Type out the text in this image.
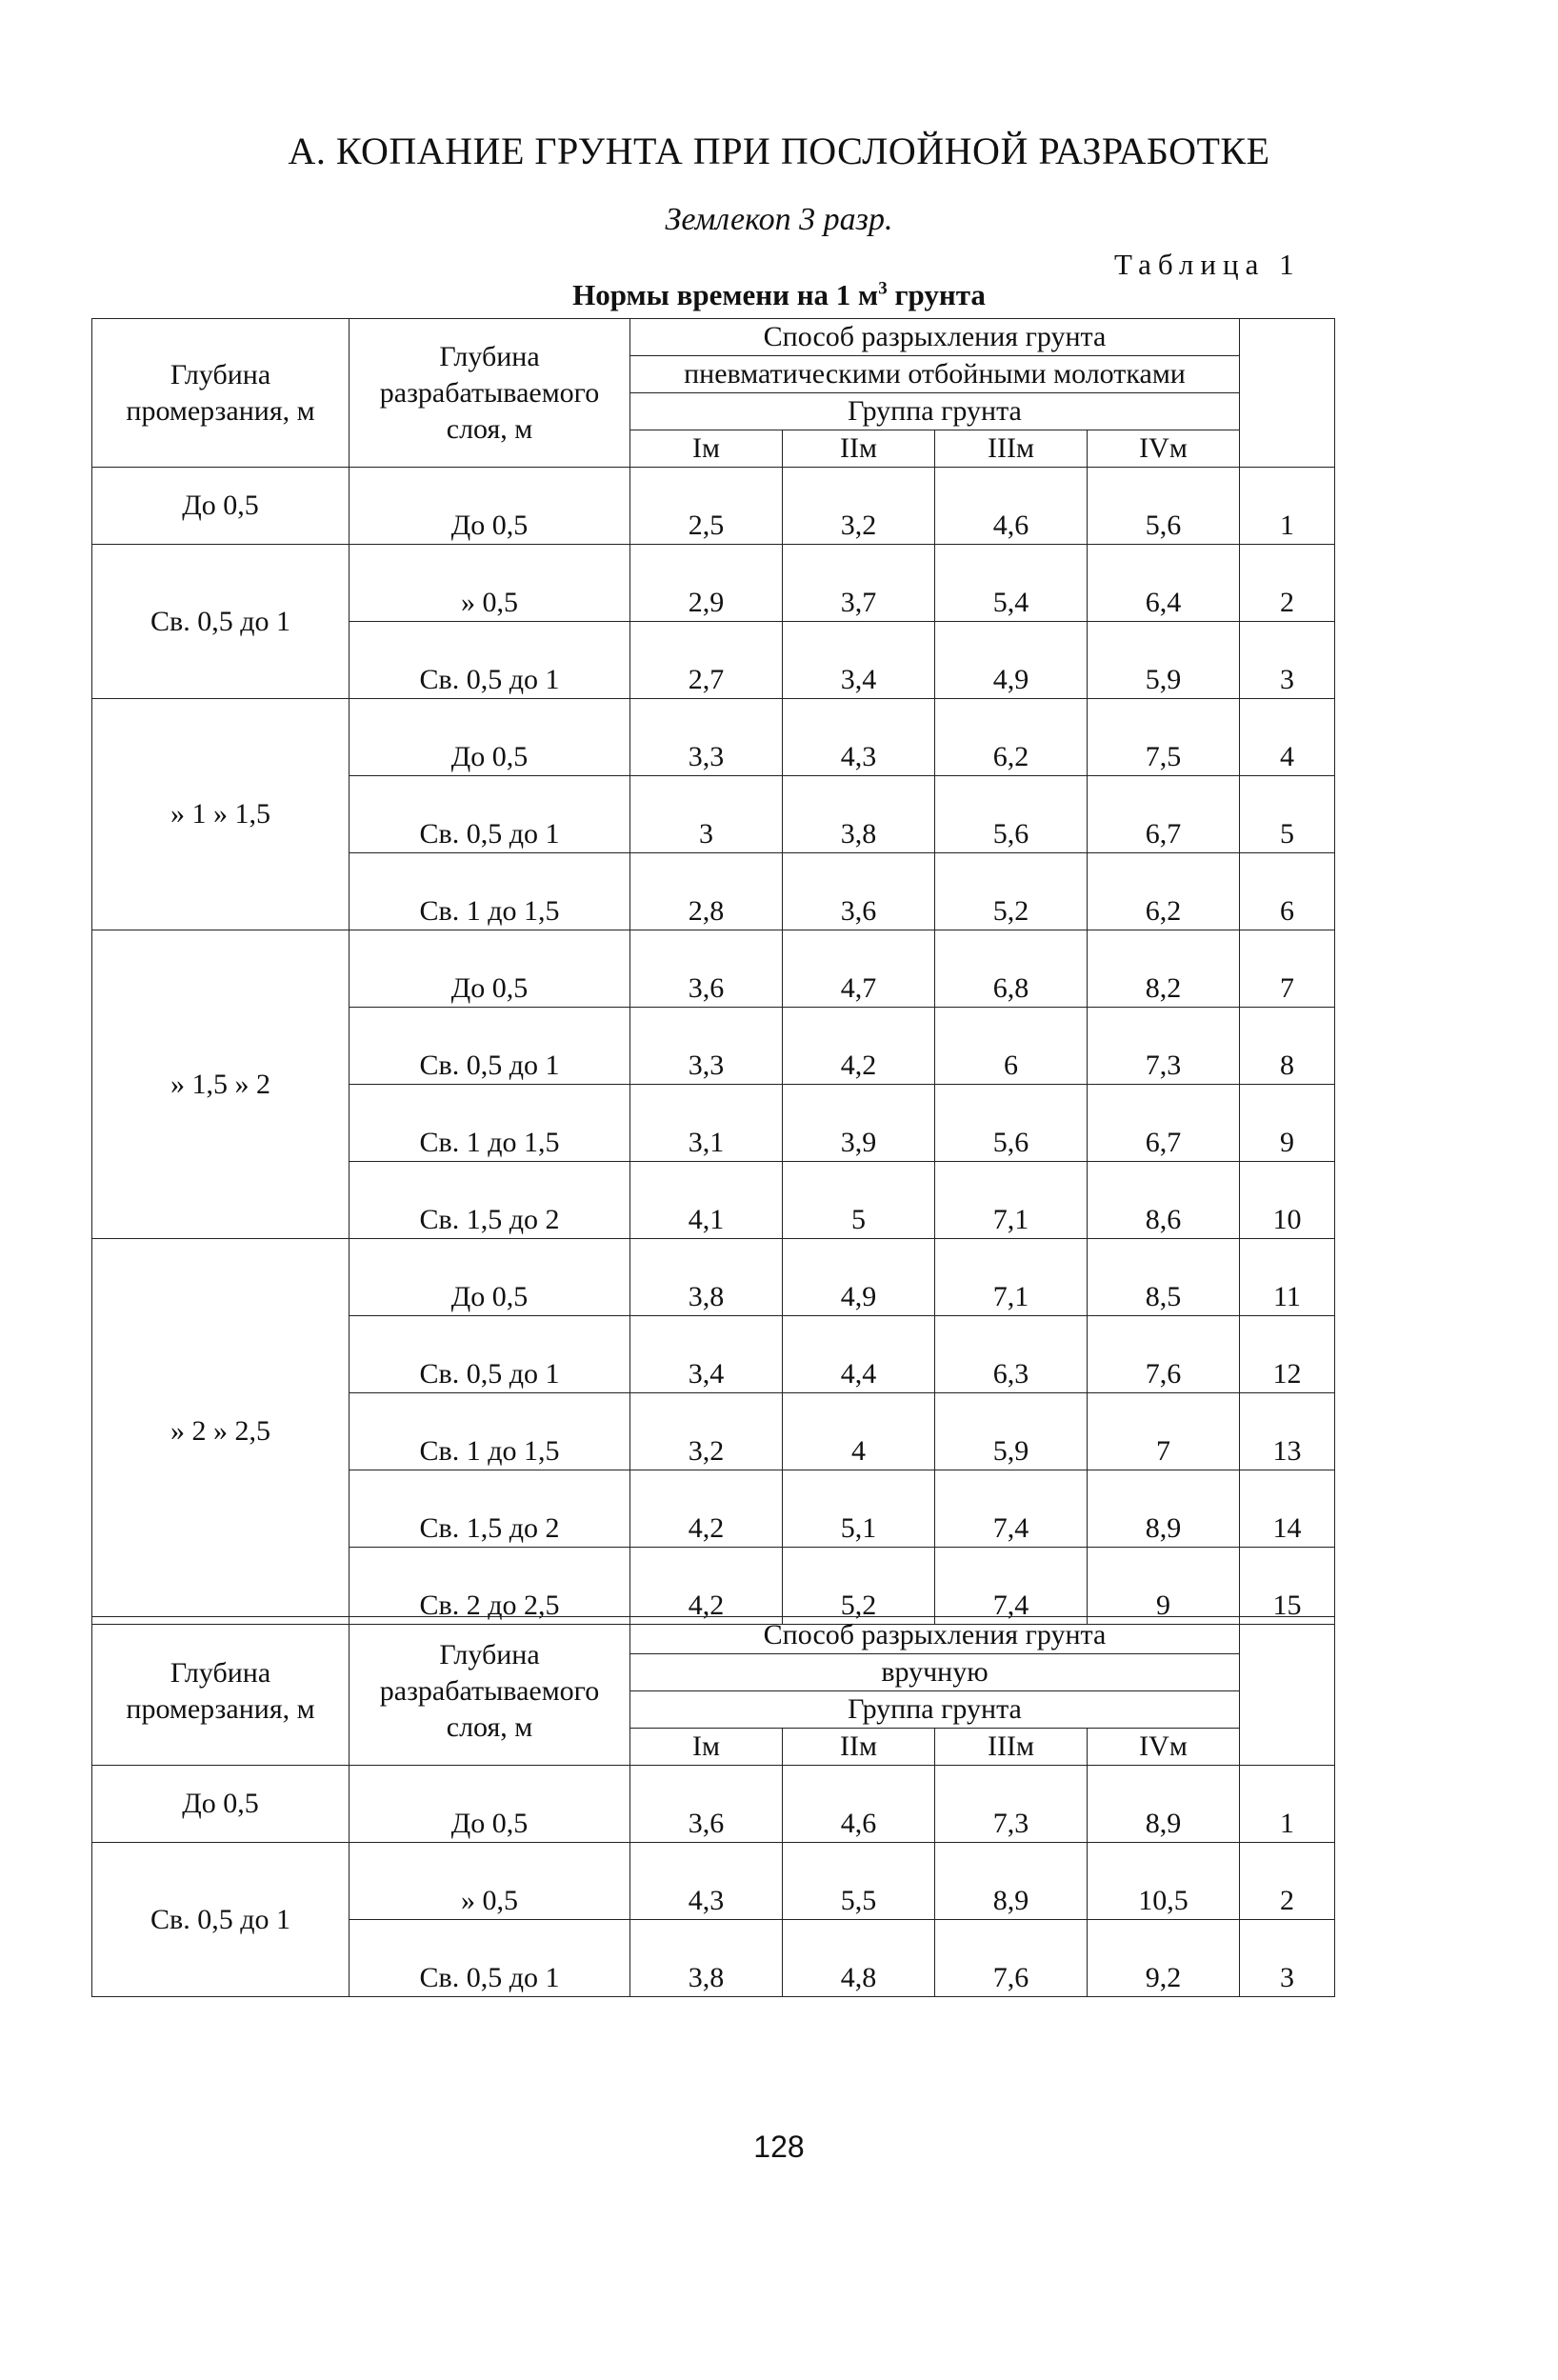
А. КОПАНИЕ ГРУНТА ПРИ ПОСЛОЙНОЙ РАЗРАБОТКЕ
Землекоп 3 разр.
Таблица 1
Нормы времени на 1 $м^3$ грунта
Глубина промерзания, м	Глубина разрабатываемого слоя, м	Способ разрыхления грунта				
		пневматическими отбойными молотками				
		Группа грунта				
		Iм	IIм	IIIм	IVм	
До 0,5	До 0,5	2,5	3,2	4,6	5,6	1
Св. 0,5 до 1	» 0,5	2,9	3,7	5,4	6,4	2
	Св. 0,5 до 1	2,7	3,4	4,9	5,9	3
» 1 » 1,5	До 0,5	3,3	4,3	6,2	7,5	4
	Св. 0,5 до 1	3	3,8	5,6	6,7	5
	Св. 1 до 1,5	2,8	3,6	5,2	6,2	6
» 1,5 » 2	До 0,5	3,6	4,7	6,8	8,2	7
	Св. 0,5 до 1	3,3	4,2	6	7,3	8
	Св. 1 до 1,5	3,1	3,9	5,6	6,7	9
	Св. 1,5 до 2	4,1	5	7,1	8,6	10
» 2 » 2,5	До 0,5	3,8	4,9	7,1	8,5	11
	Св. 0,5 до 1	3,4	4,4	6,3	7,6	12
	Св. 1 до 1,5	3,2	4	5,9	7	13
	Св. 1,5 до 2	4,2	5,1	7,4	8,9	14
	Св. 2 до 2,5	4,2	5,2	7,4	9	15
Глубина промерзания, м	Глубина разрабатываемого слоя, м	Способ разрыхления грунта				
		вручную				
		Группа грунта				
		Iм	IIм	IIIм	IVм	
До 0,5	До 0,5	3,6	4,6	7,3	8,9	1
Св. 0,5 до 1	» 0,5	4,3	5,5	8,9	10,5	2
	Св. 0,5 до 1	3,8	4,8	7,6	9,2	3
128
